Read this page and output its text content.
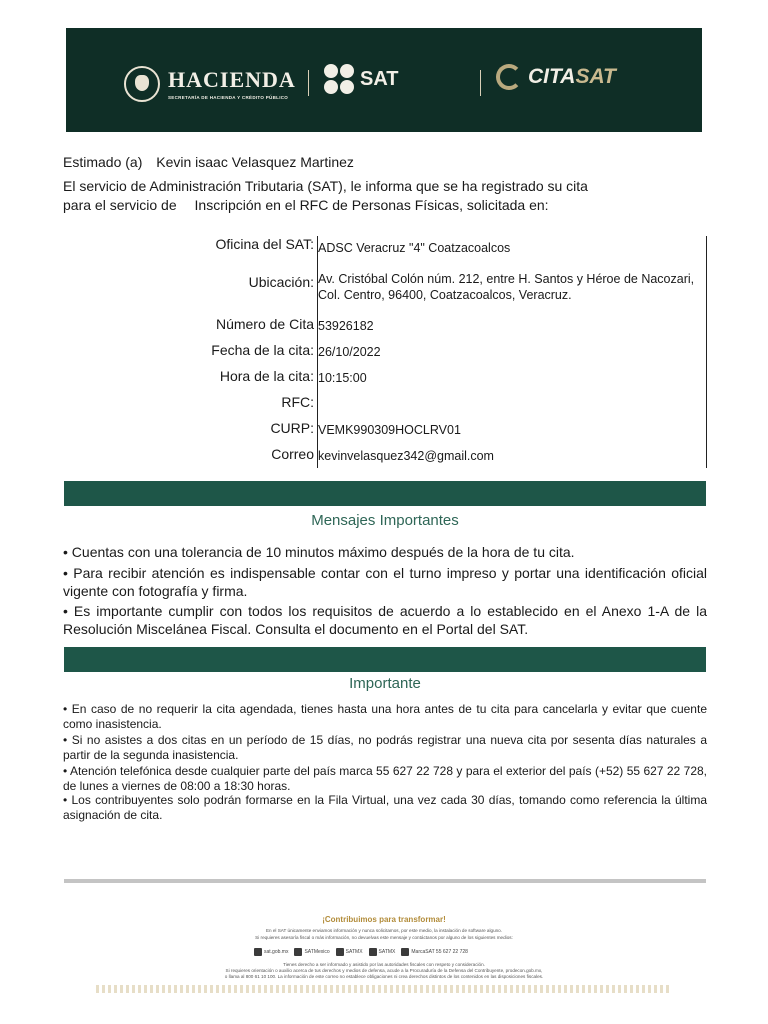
HACIENDA
SECRETARÍA DE HACIENDA Y CRÉDITO PÚBLICO
SAT	CITASAT
Estimado (a) Kevin isaac Velasquez Martinez
El servicio de Administración Tributaria (SAT), le informa que se ha registrado su cita
para el servicio de Inscripción en el RFC de Personas Físicas, solicitada en:
Oficina del SAT: ADSC Veracruz "4" Coatzacoalcos
Ubicación: Av. Cristóbal Colón núm. 212, entre H. Santos y Héroe de Nacozari, Col. Centro, 96400, Coatzacoalcos, Veracruz.
Número de Cita 53926182
Fecha de la cita: 26/10/2022
Hora de la cita: 10:15:00
RFC:
CURP: VEMK990309HOCLRV01
Correo kevinvelasquez342@gmail.com
Mensajes Importantes
• Cuentas con una tolerancia de 10 minutos máximo después de la hora de tu cita.
• Para recibir atención es indispensable contar con el turno impreso y portar una identificación oficial vigente con fotografía y firma.
• Es importante cumplir con todos los requisitos de acuerdo a lo establecido en el Anexo 1-A de la Resolución Miscelánea Fiscal. Consulta el documento en el Portal del SAT.
Importante
• En caso de no requerir la cita agendada, tienes hasta una hora antes de tu cita para cancelarla y evitar que cuente como inasistencia.
• Si no asistes a dos citas en un período de 15 días, no podrás registrar una nueva cita por sesenta días naturales a partir de la segunda inasistencia.
• Atención telefónica desde cualquier parte del país marca 55 627 22 728 y para el exterior del país (+52) 55 627 22 728, de lunes a viernes de 08:00 a 18:30 horas.
• Los contribuyentes solo podrán formarse en la Fila Virtual, una vez cada 30 días, tomando como referencia la última asignación de cita.
¡Contribuimos para transformar!
En el SAT únicamente enviamos información y nunca solicitamos, por este medio, la instalación de software alguno.
Si requieres asesoría fiscal o más información, no devuelvas este mensaje y contáctanos por alguno de los siguientes medios:
sat.gob.mx	SATMexico	SATMX	SATMX	MarcaSAT 55 627 22 728
Tienes derecho a ser informado y asistido por las autoridades fiscales con respeto y consideración.
Si requieres orientación o auxilio acerca de tus derechos y medios de defensa, acude a la Procuraduría de la Defensa del Contribuyente, prodecon.gob.mx,
o llama al 800 61 10 100. La información de este correo no establece obligaciones ni crea derechos distintos de los contenidos en las disposiciones fiscales.
